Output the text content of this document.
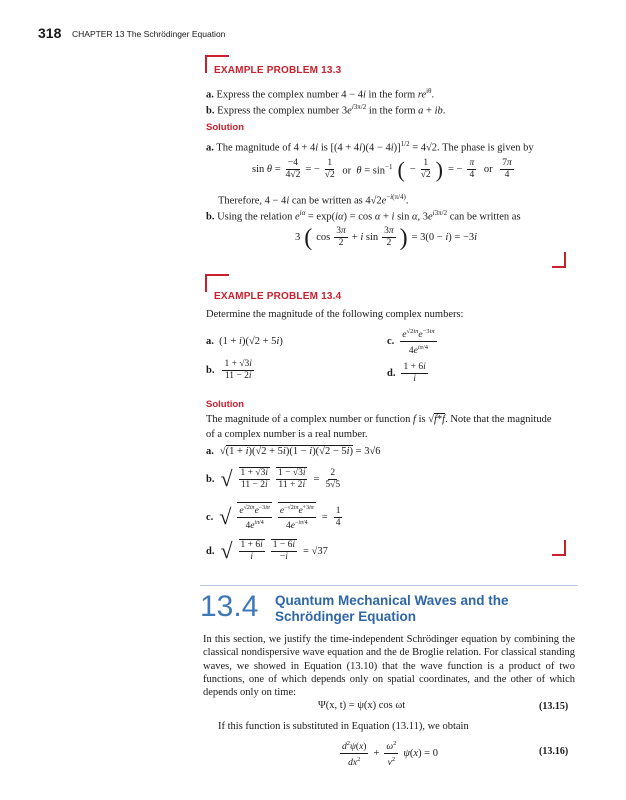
318 CHAPTER 13 The Schrödinger Equation
EXAMPLE PROBLEM 13.3
a. Express the complex number 4 − 4i in the form $re^{i\theta}$.
b. Express the complex number $3e^{i3\pi/2}$ in the form a + ib.
Solution
a. The magnitude of 4 + 4i is $[(4 + 4i)(4 - 4i)]^{1/2} = 4√2$. The phase is given by
$\sin \theta = \frac{-4}{4√2}$ = − $\frac{1}{√2}$ or  $\theta = \sin^{-1}$ ( − $\frac{1}{√2}$ ) = − $\frac{\pi}{4}$ or $\frac{7\pi}{4}$
Therefore, 4 − 4i can be written as $4√2e^{-i(\pi/4)}$.
b. Using the relation $e^{i\alpha} = \exp(i\alpha) = \cos \alpha + i$ sin α, $3e^{i3\pi/2}$ can be written as
3 ( $\cos \frac{3\pi}{2} + i$ $\sin \frac{3\pi}{2}$ ) = 3(0 − i) = −3i
EXAMPLE PROBLEM 13.4
Determine the magnitude of the following complex numbers:
a.  (1 + i)(√2 + 5i)	c. $\frac{e^{√2i\pi}e^{-3i\pi}}{4e^{i\pi/4}}$
b. $\frac{1 + √3i}{11 - 2i}$	d. $\frac{1 + 6i}{i}$
Solution
The magnitude of a complex number or function f is √f*f. Note that the magnitude
of a complex number is a real number.
a. √(1 + i)(√2 + 5i)(1 − i)(√2 − 5i) = 3√6
b. √ $\frac{1 + √3i}{11 - 2i} \frac{1 - √3i}{11 + 2i} = \frac{2}{5√5}$
c. √ $\frac{e^{√2i\pi}e^{-3i\pi}}{4e^{i\pi/4}} \frac{e^{-√2i\pi}e^{+3i\pi}}{4e^{-i\pi/4}} = \frac{1}{4}$
d. √ $\frac{1 + 6i}{i} \frac{1 - 6i}{-i} = √37$
13.4 Quantum Mechanical Waves and the
Schrödinger Equation
In this section, we justify the time-independent Schrödinger equation by combining the classical nondispersive wave equation and the de Broglie relation. For classical standing waves, we showed in Equation (13.10) that the wave function is a product of two functions, one of which depends only on spatial coordinates, and the other of which depends only on time:
Ψ(x, t) = ψ(x) cos ωt	(13.15)
If this function is substituted in Equation (13.11), we obtain
$\frac{d^2\psi(x)}{dx^2} + \frac{\omega^2}{v^2} \psi(x) = 0$	(13.16)
